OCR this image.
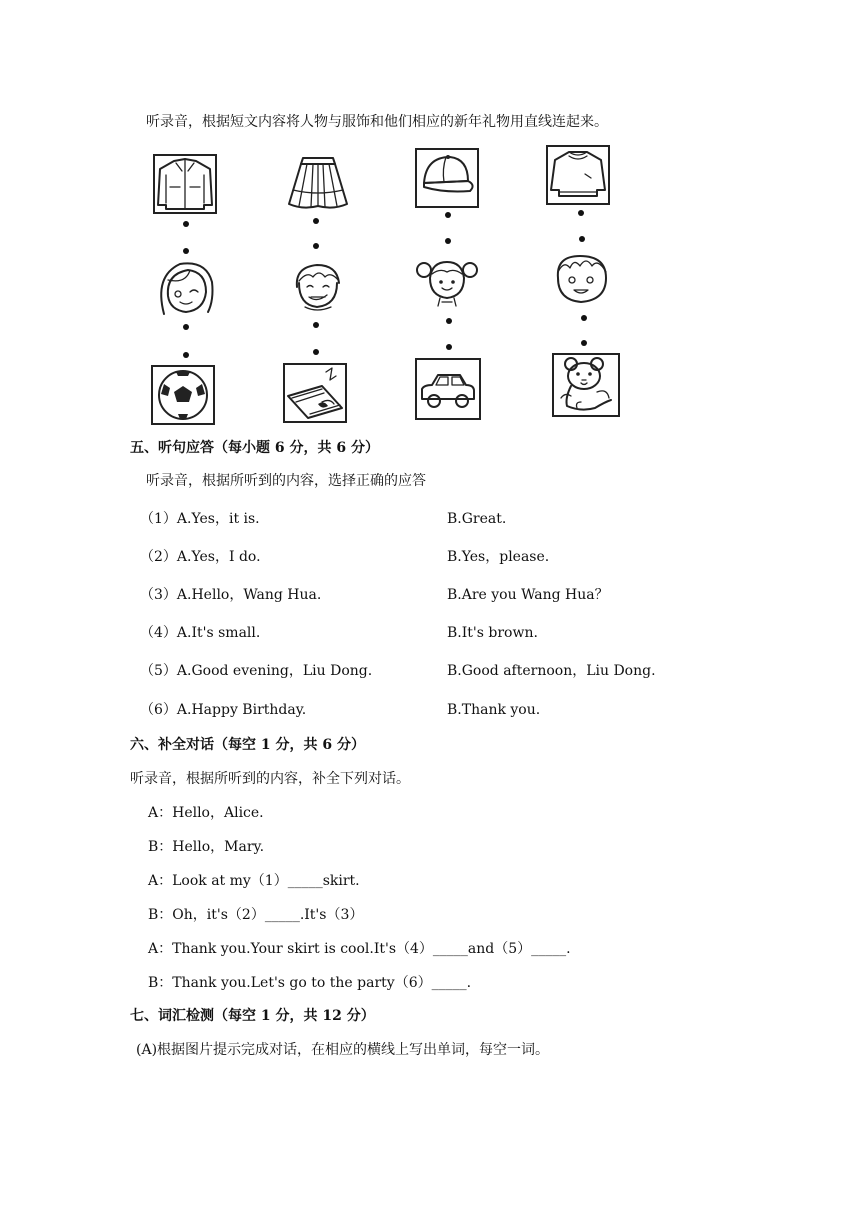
听录音，根据短文内容将人物与服饰和他们相应的新年礼物用直线连起来。
五、听句应答（每小题 6 分，共 6 分）
听录音，根据所听到的内容，选择正确的应答
（1）A.Yes，it is.	B.Great.
（2）A.Yes，I do.	B.Yes，please.
（3）A.Hello，Wang Hua.	B.Are you Wang Hua？
（4）A.It's small.	B.It's brown.
（5）A.Good evening，Liu Dong.	B.Good afternoon，Liu Dong.
（6）A.Happy Birthday.	B.Thank you.
六、补全对话（每空 1 分，共 6 分）
听录音，根据所听到的内容，补全下列对话。
A：Hello，Alice.
B：Hello，Mary.
A：Look at my（1）_____skirt.
B：Oh，it's（2）_____.It's（3）
A：Thank you.Your skirt is cool.It's（4）_____and（5）_____.
B：Thank you.Let's go to the party（6）_____.
七、词汇检测（每空 1 分，共 12 分）
(A)根据图片提示完成对话，在相应的横线上写出单词，每空一词。
